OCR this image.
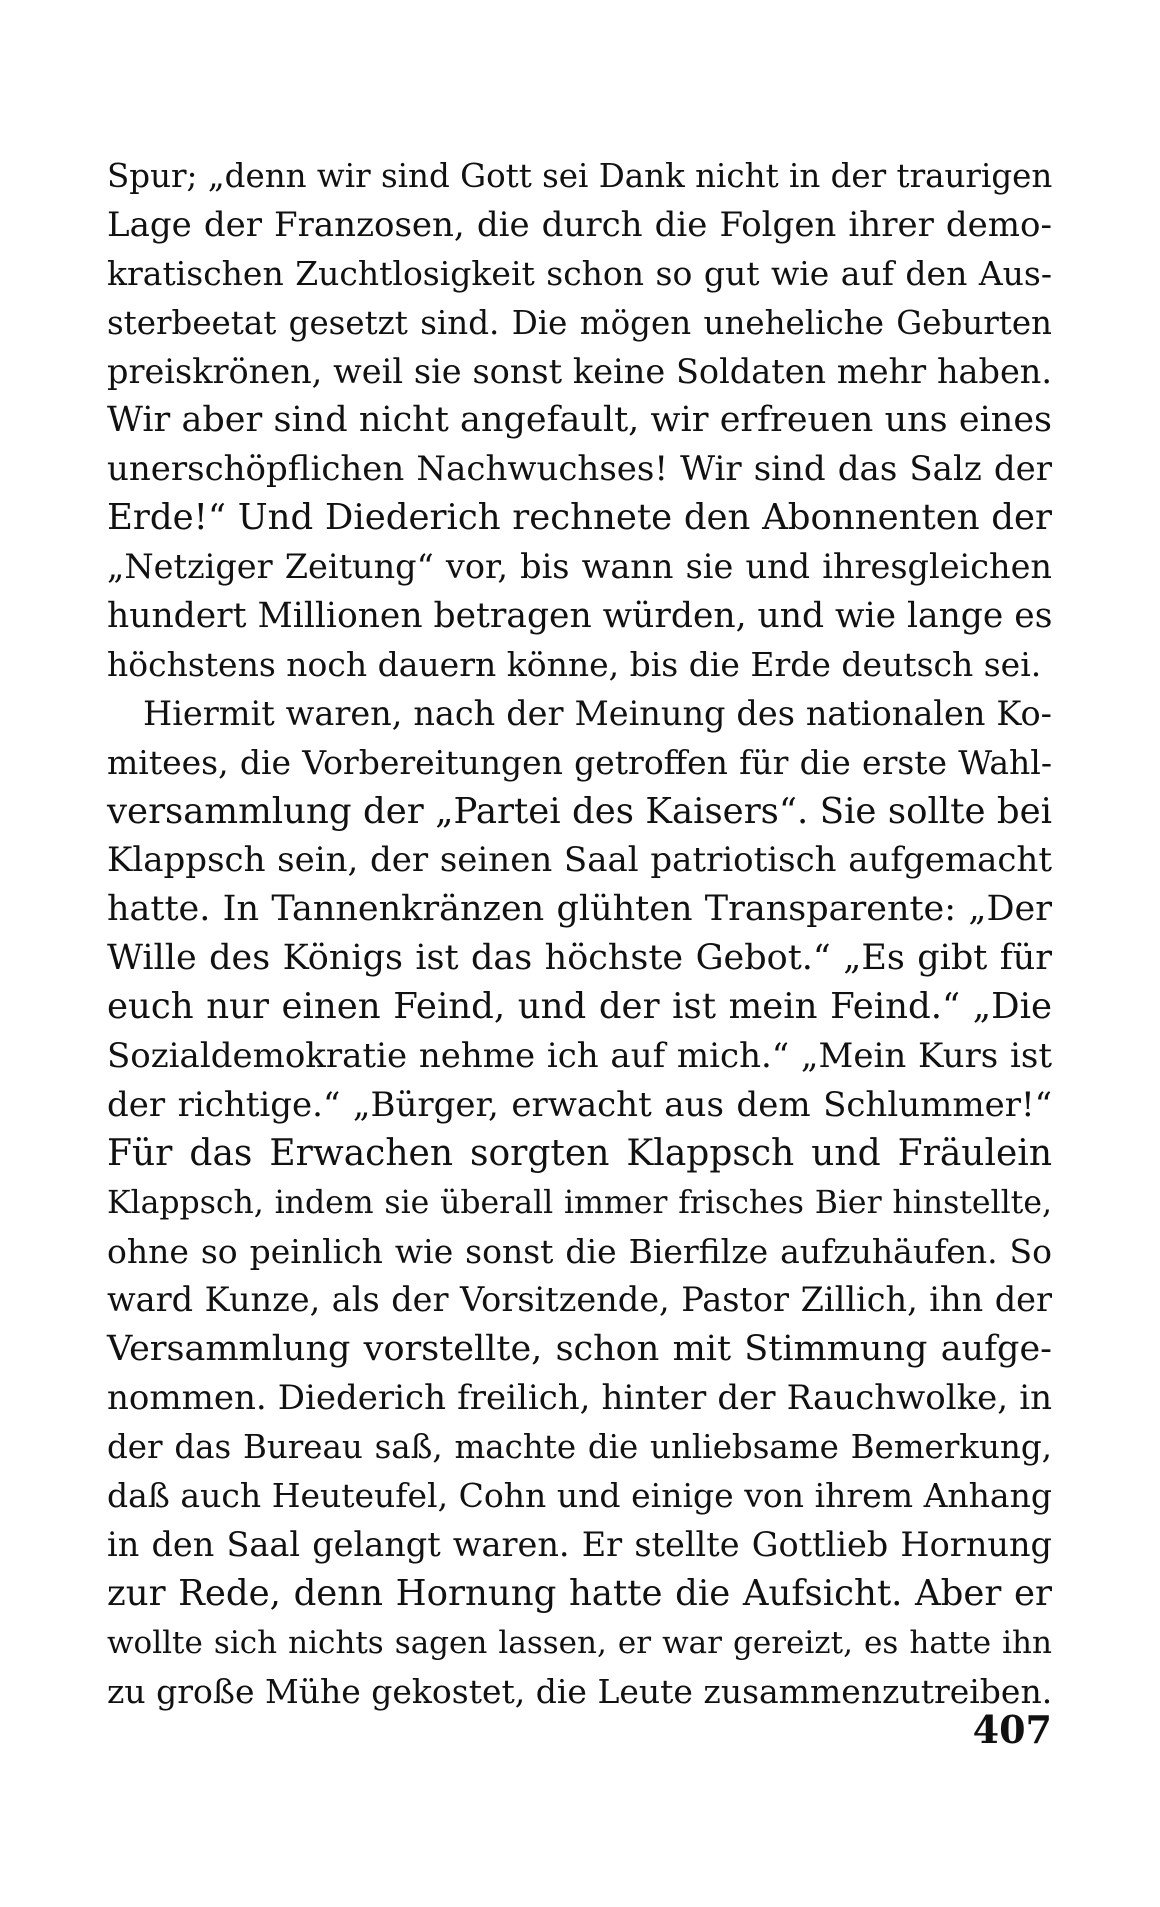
Spur; „denn wir sind Gott sei Dank nicht in der traurigen
Lage der Franzosen, die durch die Folgen ihrer demo-
kratischen Zuchtlosigkeit schon so gut wie auf den Aus-
sterbeetat gesetzt sind. Die mögen uneheliche Geburten
preiskrönen, weil sie sonst keine Soldaten mehr haben.
Wir aber sind nicht angefault, wir erfreuen uns eines
unerschöpflichen Nachwuchses! Wir sind das Salz der
Erde!“ Und Diederich rechnete den Abonnenten der
„Netziger Zeitung“ vor, bis wann sie und ihresgleichen
hundert Millionen betragen würden, und wie lange es
höchstens noch dauern könne, bis die Erde deutsch sei.
Hiermit waren, nach der Meinung des nationalen Ko-
mitees, die Vorbereitungen getroffen für die erste Wahl-
versammlung der „Partei des Kaisers“. Sie sollte bei
Klappsch sein, der seinen Saal patriotisch aufgemacht
hatte. In Tannenkränzen glühten Transparente: „Der
Wille des Königs ist das höchste Gebot.“ „Es gibt für
euch nur einen Feind, und der ist mein Feind.“ „Die
Sozialdemokratie nehme ich auf mich.“ „Mein Kurs ist
der richtige.“ „Bürger, erwacht aus dem Schlummer!“
Für das Erwachen sorgten Klappsch und Fräulein
Klappsch, indem sie überall immer frisches Bier hinstellte,
ohne so peinlich wie sonst die Bierfilze aufzuhäufen. So
ward Kunze, als der Vorsitzende, Pastor Zillich, ihn der
Versammlung vorstellte, schon mit Stimmung aufge-
nommen. Diederich freilich, hinter der Rauchwolke, in
der das Bureau saß, machte die unliebsame Bemerkung,
daß auch Heuteufel, Cohn und einige von ihrem Anhang
in den Saal gelangt waren. Er stellte Gottlieb Hornung
zur Rede, denn Hornung hatte die Aufsicht. Aber er
wollte sich nichts sagen lassen, er war gereizt, es hatte ihn
zu große Mühe gekostet, die Leute zusammenzutreiben.
407
